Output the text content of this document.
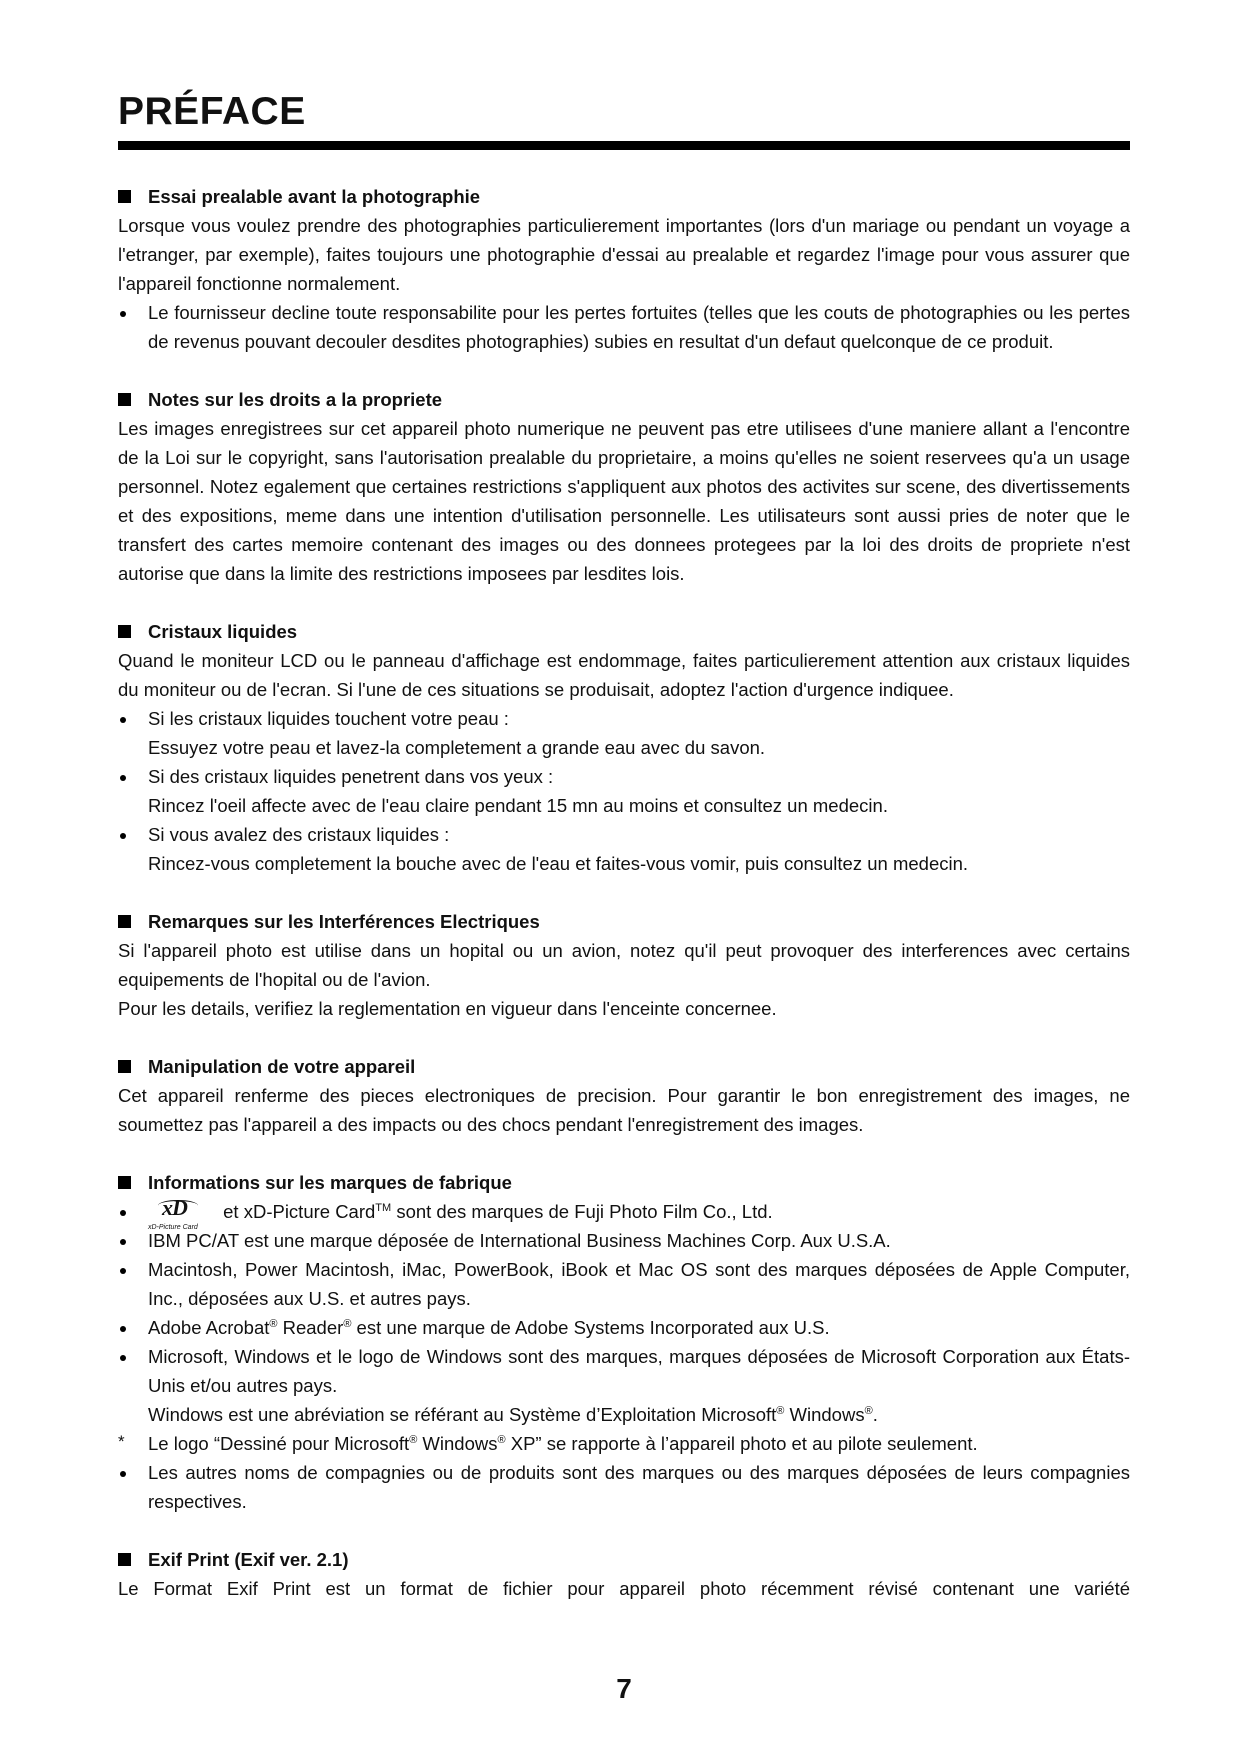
PRÉFACE
Essai prealable avant la photographie

Lorsque vous voulez prendre des photographies particulierement importantes (lors d'un mariage ou pendant un voyage a l'etranger, par exemple), faites toujours une photographie d'essai au prealable et regardez l'image pour vous assurer que l'appareil fonctionne normalement.

Le fournisseur decline toute responsabilite pour les pertes fortuites (telles que les couts de photographies ou les pertes de revenus pouvant decouler desdites photographies) subies en resultat d'un defaut quelconque de ce produit.
Notes sur les droits a la propriete

Les images enregistrees sur cet appareil photo numerique ne peuvent pas etre utilisees d'une maniere allant a l'encontre de la Loi sur le copyright, sans l'autorisation prealable du proprietaire, a moins qu'elles ne soient reservees qu'a un usage personnel. Notez egalement que certaines restrictions s'appliquent aux photos des activites sur scene, des divertissements et des expositions, meme dans une intention d'utilisation personnelle. Les utilisateurs sont aussi pries de noter que le transfert des cartes memoire contenant des images ou des donnees protegees par la loi des droits de propriete n'est autorise que dans la limite des restrictions imposees par lesdites lois.

Cristaux liquides

Quand le moniteur LCD ou le panneau d'affichage est endommage, faites particulierement attention aux cristaux liquides du moniteur ou de l'ecran. Si l'une de ces situations se produisait, adoptez l'action d'urgence indiquee.

Si les cristaux liquides touchent votre peau :
Essuyez votre peau et lavez-la completement a grande eau avec du savon.
Si des cristaux liquides penetrent dans vos yeux :
Rincez l'oeil affecte avec de l'eau claire pendant 15 mn au moins et consultez un medecin.
Si vous avalez des cristaux liquides :
Rincez-vous completement la bouche avec de l'eau et faites-vous vomir, puis consultez un medecin.
Remarques sur les Interférences Electriques

Si l'appareil photo est utilise dans un hopital ou un avion, notez qu'il peut provoquer des interferences avec certains equipements de l'hopital ou de l'avion.

Pour les details, verifiez la reglementation en vigueur dans l'enceinte concernee.

Manipulation de votre appareil

Cet appareil renferme des pieces electroniques de precision. Pour garantir le bon enregistrement des images, ne soumettez pas l'appareil a des impacts ou des chocs pendant l'enregistrement des images.

Informations sur les marques de fabrique
xD
xD-Picture Card
et xD-Picture Card™ sont des marques de Fuji Photo Film Co., Ltd.
IBM PC/AT est une marque déposée de International Business Machines Corp. Aux U.S.A.
Macintosh, Power Macintosh, iMac, PowerBook, iBook et Mac OS sont des marques déposées de Apple Computer, Inc., déposées aux U.S. et autres pays.
Adobe Acrobat® Reader® est une marque de Adobe Systems Incorporated aux U.S.
Microsoft, Windows et le logo de Windows sont des marques, marques déposées de Microsoft Corporation aux États-Unis et/ou autres pays.
Windows est une abréviation se référant au Système d’Exploitation Microsoft® Windows®.
*
Le logo “Dessiné pour Microsoft® Windows® XP” se rapporte à l’appareil photo et au pilote seulement.
Les autres noms de compagnies ou de produits sont des marques ou des marques déposées de leurs compagnies respectives.
Exif Print (Exif ver. 2.1)

Le Format Exif Print est un format de fichier pour appareil photo récemment révisé contenant une variété

7
